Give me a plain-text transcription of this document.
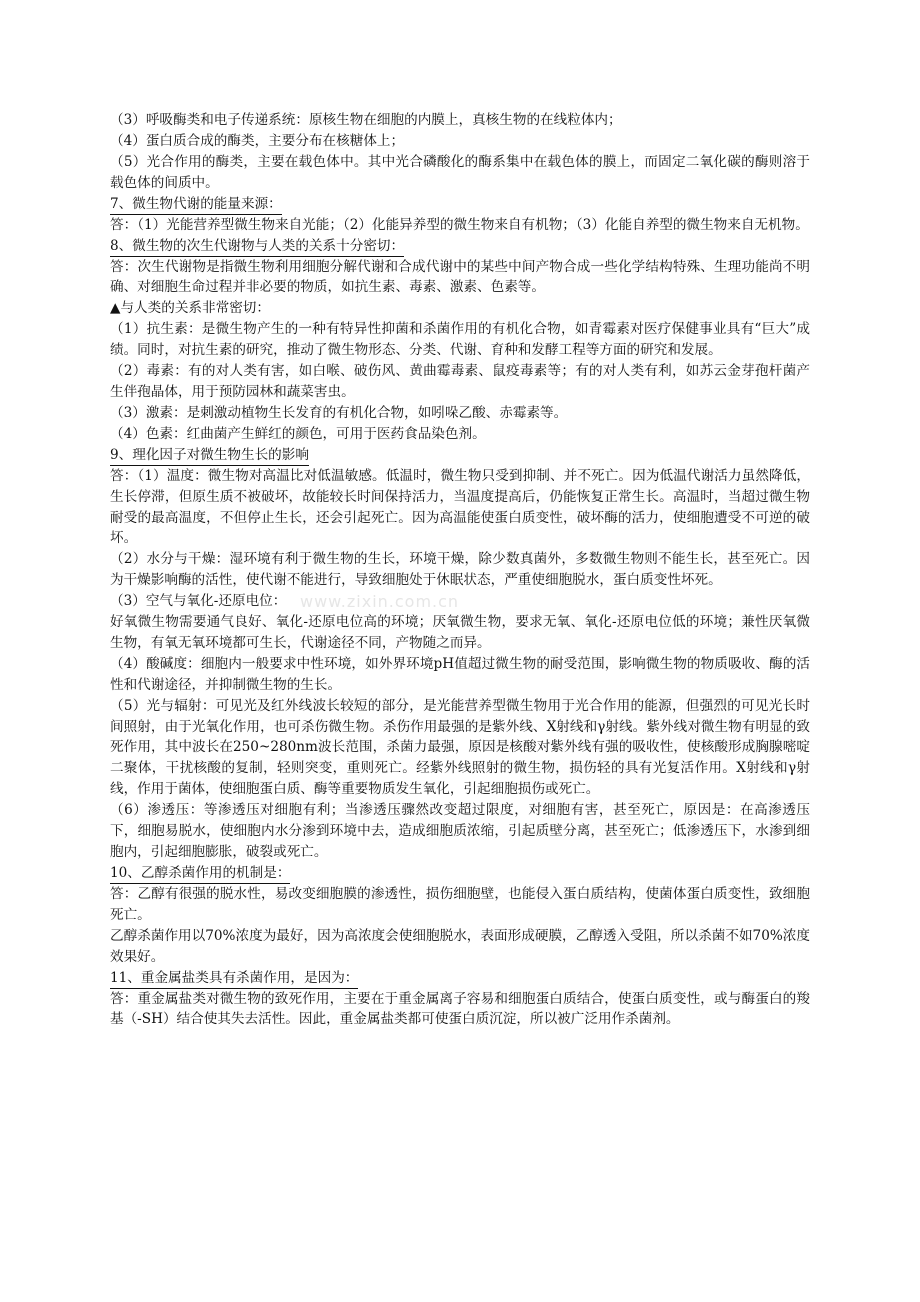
www.zixin.com.cn

（3）呼吸酶类和电子传递系统：原核生物在细胞的内膜上，真核生物的在线粒体内；

（4）蛋白质合成的酶类，主要分布在核糖体上；

（5）光合作用的酶类，主要在载色体中。其中光合磷酸化的酶系集中在载色体的膜上，而固定二氧化碳的酶则溶于载色体的间质中。

7、微生物代谢的能量来源：

答：（1）光能营养型微生物来自光能；（2）化能异养型的微生物来自有机物；（3）化能自养型的微生物来自无机物。

8、微生物的次生代谢物与人类的关系十分密切：

答：次生代谢物是指微生物利用细胞分解代谢和合成代谢中的某些中间产物合成一些化学结构特殊、生理功能尚不明确、对细胞生命过程并非必要的物质，如抗生素、毒素、激素、色素等。

▲与人类的关系非常密切：

（1）抗生素：是微生物产生的一种有特异性抑菌和杀菌作用的有机化合物，如青霉素对医疗保健事业具有“巨大”成绩。同时，对抗生素的研究，推动了微生物形态、分类、代谢、育种和发酵工程等方面的研究和发展。

（2）毒素：有的对人类有害，如白喉、破伤风、黄曲霉毒素、鼠疫毒素等；有的对人类有利，如苏云金芽孢杆菌产生伴孢晶体，用于预防园林和蔬菜害虫。

（3）激素：是刺激动植物生长发育的有机化合物，如吲哚乙酸、赤霉素等。

（4）色素：红曲菌产生鲜红的颜色，可用于医药食品染色剂。

9、理化因子对微生物生长的影响

答：（1）温度：微生物对高温比对低温敏感。低温时，微生物只受到抑制、并不死亡。因为低温代谢活力虽然降低，生长停滞，但原生质不被破坏，故能较长时间保持活力，当温度提高后，仍能恢复正常生长。高温时，当超过微生物耐受的最高温度，不但停止生长，还会引起死亡。因为高温能使蛋白质变性，破坏酶的活力，使细胞遭受不可逆的破坏。

（2）水分与干燥：湿环境有利于微生物的生长，环境干燥，除少数真菌外，多数微生物则不能生长，甚至死亡。因为干燥影响酶的活性，使代谢不能进行，导致细胞处于休眠状态，严重使细胞脱水，蛋白质变性坏死。

（3）空气与氧化-还原电位：

好氧微生物需要通气良好、氧化-还原电位高的环境；厌氧微生物，要求无氧、氧化-还原电位低的环境；兼性厌氧微生物，有氧无氧环境都可生长，代谢途径不同，产物随之而异。

（4）酸碱度：细胞内一般要求中性环境，如外界环境pH值超过微生物的耐受范围，影响微生物的物质吸收、酶的活性和代谢途径，并抑制微生物的生长。

（5）光与辐射：可见光及红外线波长较短的部分，是光能营养型微生物用于光合作用的能源，但强烈的可见光长时间照射，由于光氧化作用，也可杀伤微生物。杀伤作用最强的是紫外线、X射线和γ射线。紫外线对微生物有明显的致死作用，其中波长在250~280nm波长范围，杀菌力最强，原因是核酸对紫外线有强的吸收性，使核酸形成胸腺嘧啶二聚体，干扰核酸的复制，轻则突变，重则死亡。经紫外线照射的微生物，损伤轻的具有光复活作用。X射线和γ射线，作用于菌体，使细胞蛋白质、酶等重要物质发生氧化，引起细胞损伤或死亡。

（6）渗透压：等渗透压对细胞有利；当渗透压骤然改变超过限度，对细胞有害，甚至死亡，原因是：在高渗透压下，细胞易脱水，使细胞内水分渗到环境中去，造成细胞质浓缩，引起质壁分离，甚至死亡；低渗透压下，水渗到细胞内，引起细胞膨胀，破裂或死亡。

10、乙醇杀菌作用的机制是：

答：乙醇有很强的脱水性，易改变细胞膜的渗透性，损伤细胞壁，也能侵入蛋白质结构，使菌体蛋白质变性，致细胞死亡。

乙醇杀菌作用以70%浓度为最好，因为高浓度会使细胞脱水，表面形成硬膜，乙醇透入受阻，所以杀菌不如70%浓度效果好。

11、重金属盐类具有杀菌作用，是因为：

答：重金属盐类对微生物的致死作用，主要在于重金属离子容易和细胞蛋白质结合，使蛋白质变性，或与酶蛋白的羧基（-SH）结合使其失去活性。因此，重金属盐类都可使蛋白质沉淀，所以被广泛用作杀菌剂。
